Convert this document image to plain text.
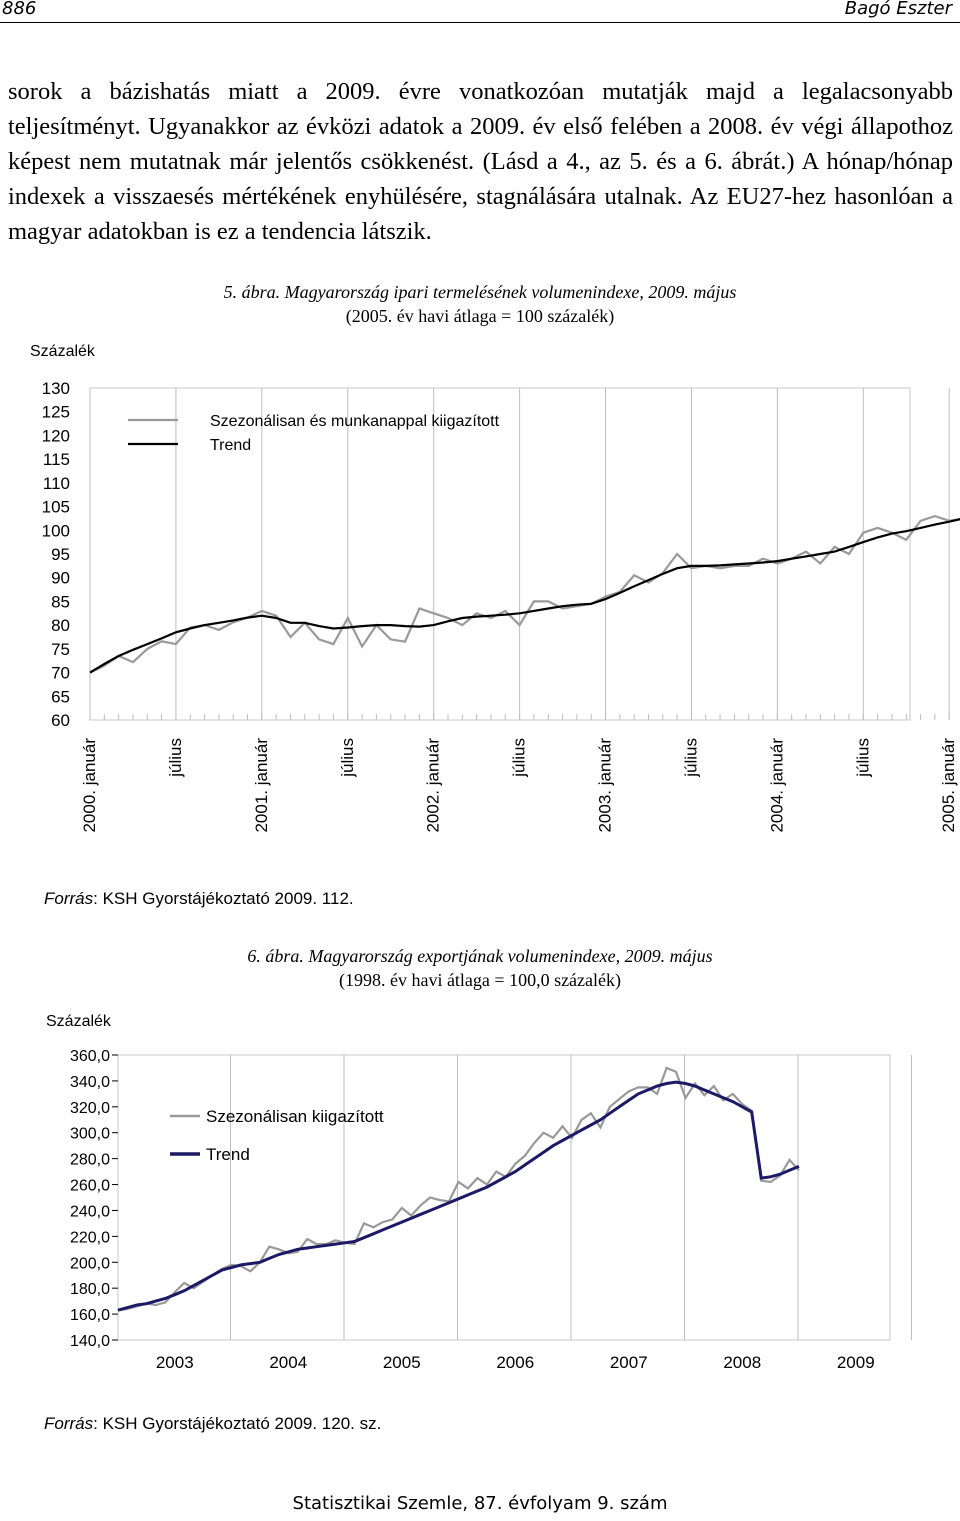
886	Bagó Eszter
sorok a bázishatás miatt a 2009. évre vonatkozóan mutatják majd a legalacsonyabb teljesítményt. Ugyanakkor az évközi adatok a 2009. év első felében a 2008. év végi állapothoz képest nem mutatnak már jelentős csökkenést. (Lásd a 4., az 5. és a 6. ábrát.) A hónap/hónap indexek a visszaesés mértékének enyhülésére, stagnálására utalnak. Az EU27-hez hasonlóan a magyar adatokban is ez a tendencia látszik.
5. ábra. Magyarország ipari termelésének volumenindexe, 2009. május
(2005. év havi átlaga = 100 százalék)
Százalék
2000. január	július	2001. január	július	2002. január	július	2003. január	július	2004. január	július	2005. január
130
125
120
115
110
105
100
95
90
85
80
75
70
65
60
Szezonálisan és munkanappal kiigazított
Trend
Forrás: KSH Gyorstájékoztató 2009. 112.
6. ábra. Magyarország exportjának volumenindexe, 2009. május
(1998. év havi átlaga = 100,0 százalék)
Százalék
2003	2004	2005	2006	2007	2008	2009
360,0
340,0
320,0
300,0
280,0
260,0
240,0
220,0
200,0
180,0
160,0
140,0
Szezonálisan kiigazított
Trend
Forrás: KSH Gyorstájékoztató 2009. 120. sz.
Statisztikai Szemle, 87. évfolyam 9. szám
